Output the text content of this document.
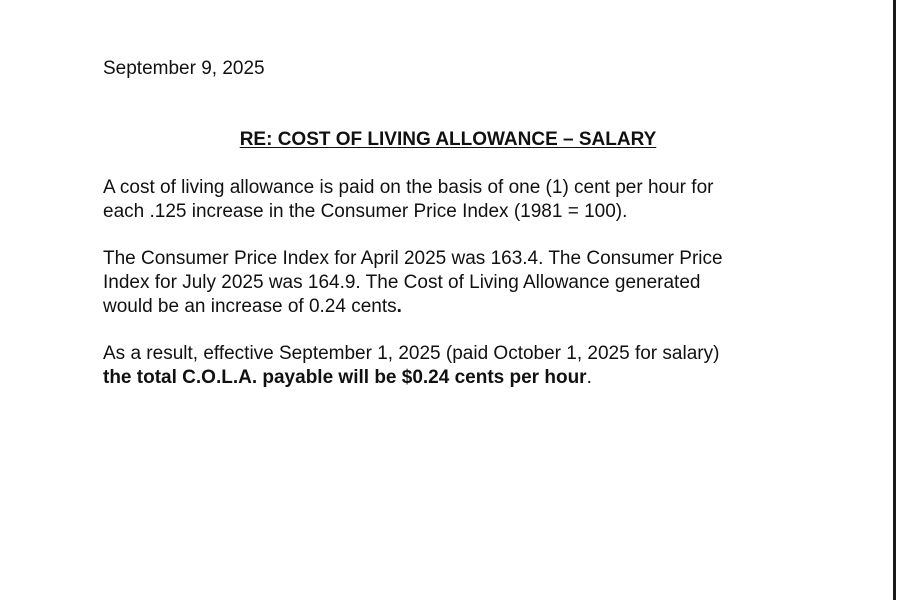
September 9, 2025
RE: COST OF LIVING ALLOWANCE – SALARY

A cost of living allowance is paid on the basis of one (1) cent per hour for
each .125 increase in the Consumer Price Index (1981 = 100).

The Consumer Price Index for April 2025 was 163.4. The Consumer Price
Index for July 2025 was 164.9. The Cost of Living Allowance generated
would be an increase of 0.24 cents.

As a result, effective September 1, 2025 (paid October 1, 2025 for salary)
the total C.O.L.A. payable will be $0.24 cents per hour.
